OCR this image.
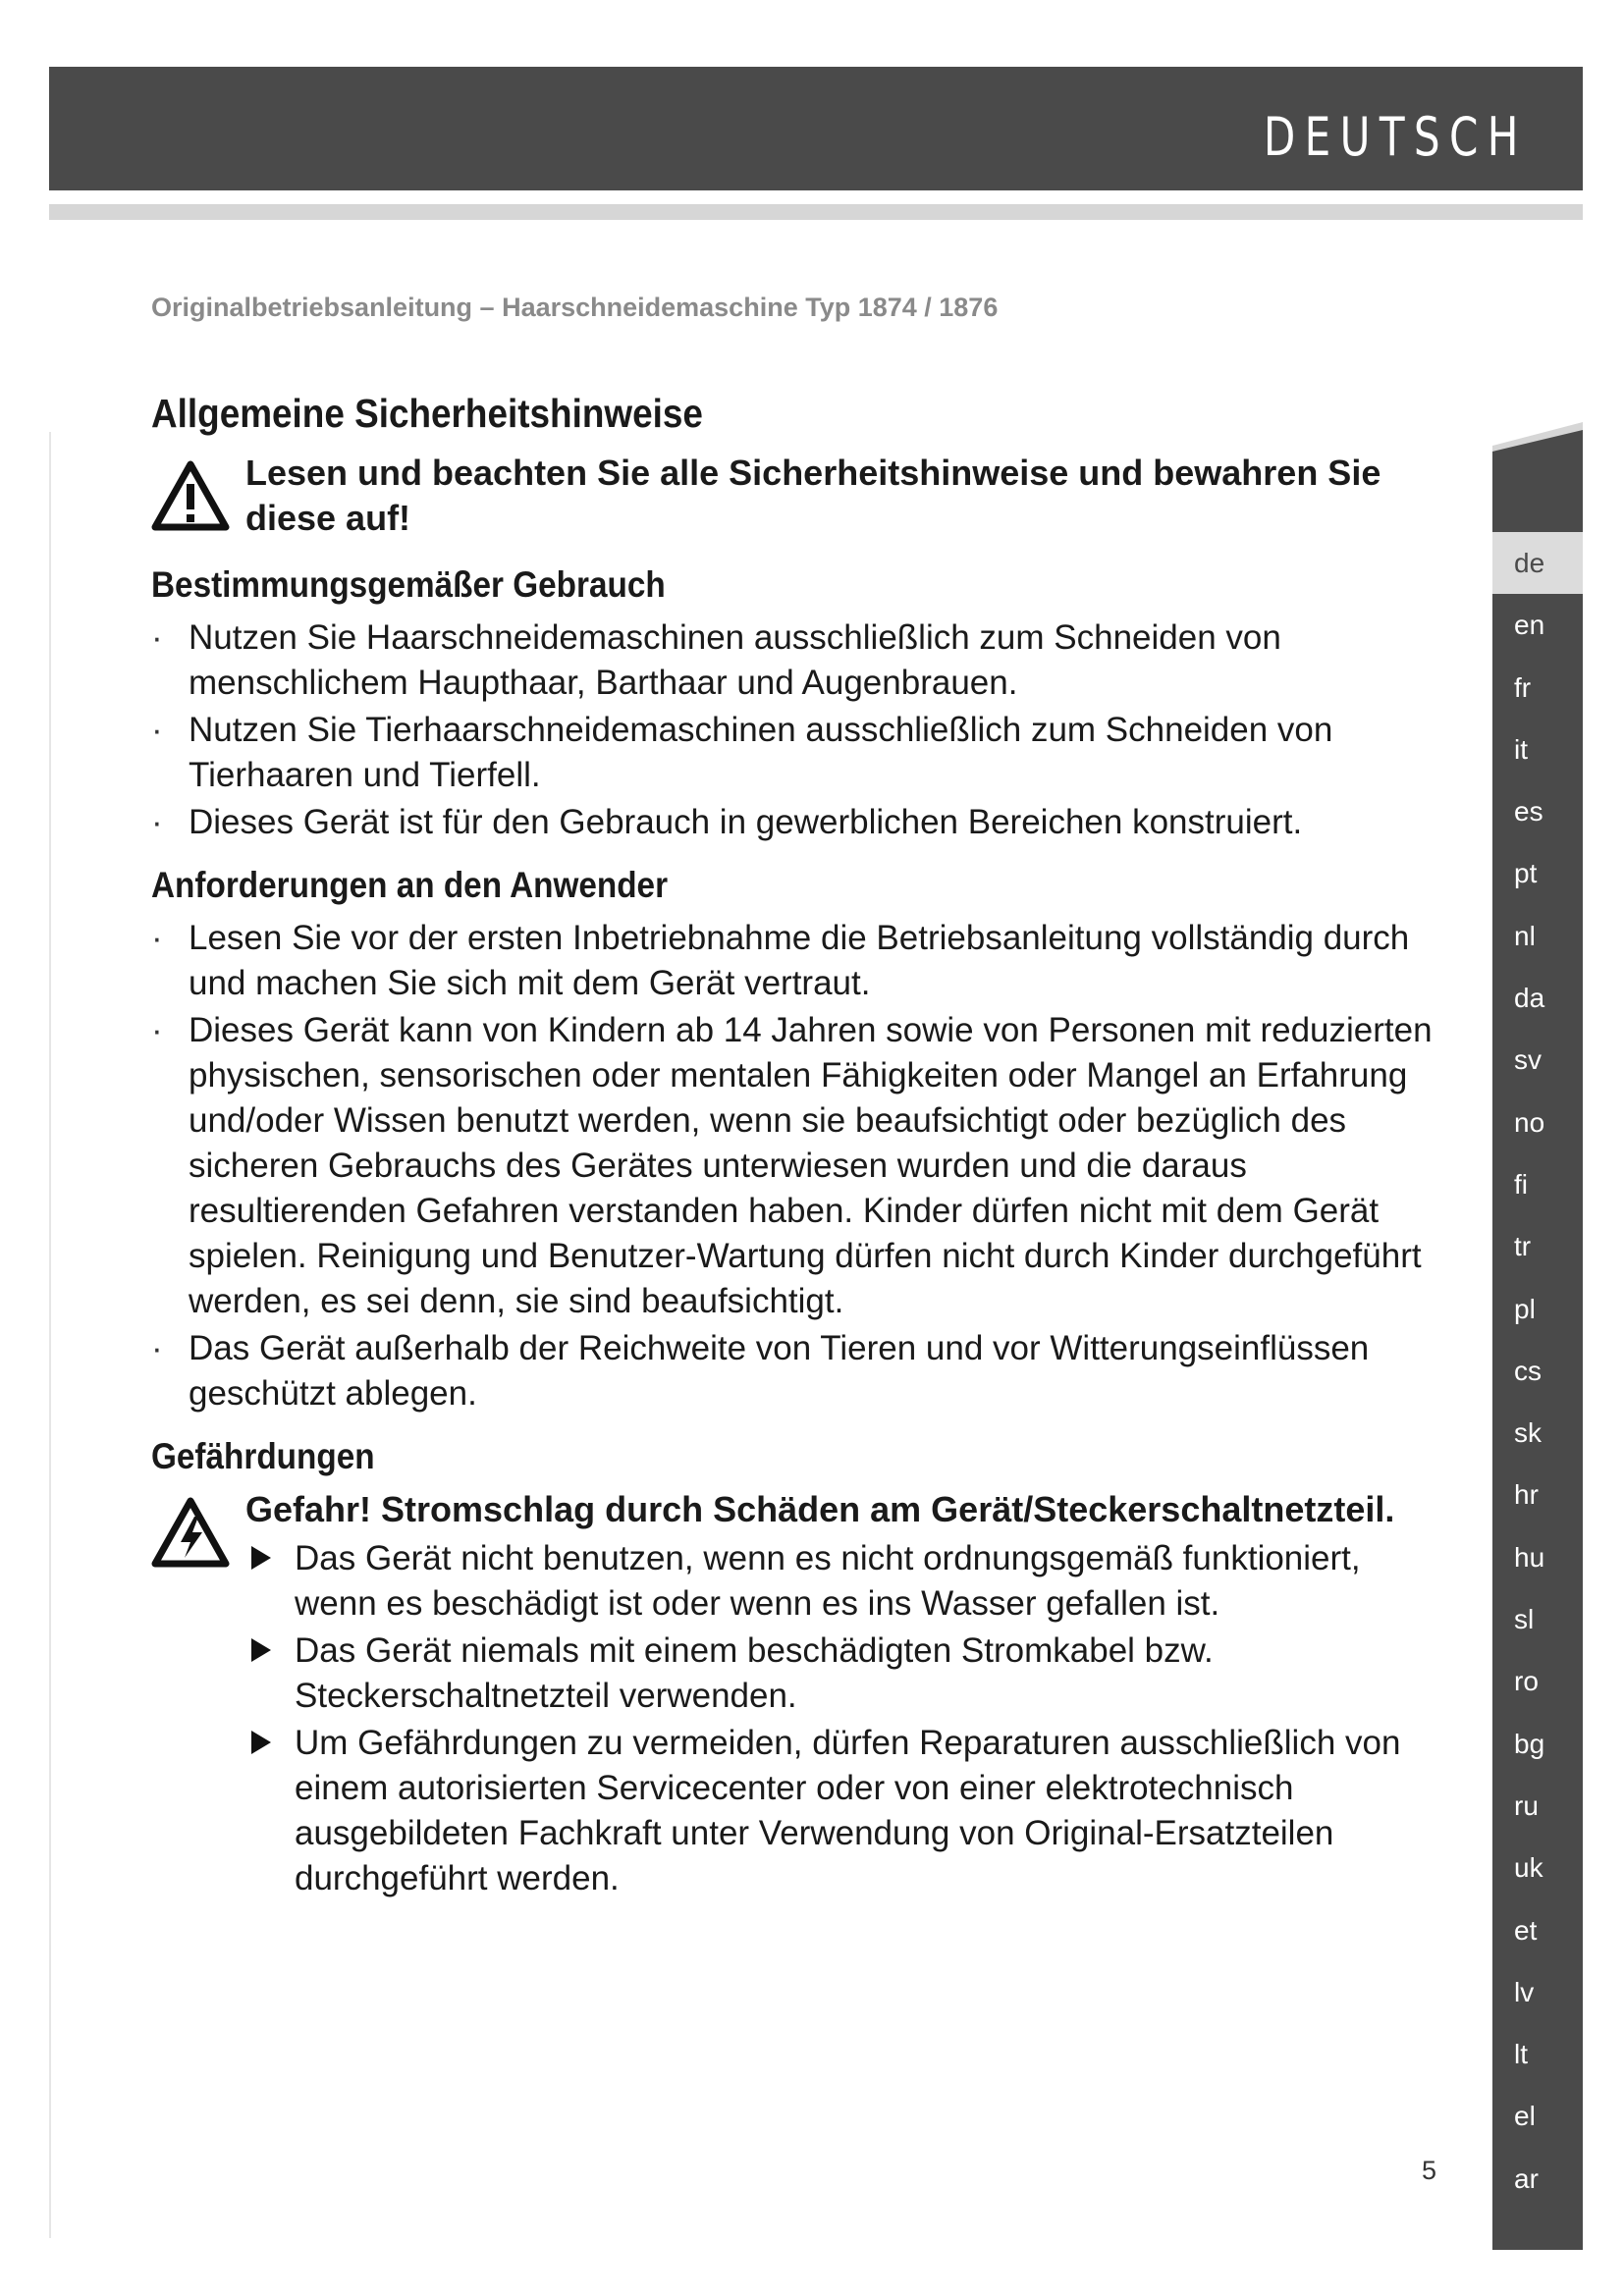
DEUTSCH

Originalbetriebsanleitung – Haarschneidemaschine Typ 1874 / 1876

Allgemeine Sicherheitshinweise

Lesen und beachten Sie alle Sicherheitshinweise und bewahren Sie diese auf!

Bestimmungsgemäßer Gebrauch
· Nutzen Sie Haarschneidemaschinen ausschließlich zum Schneiden von menschlichem Haupthaar, Barthaar und Augenbrauen.
· Nutzen Sie Tierhaarschneidemaschinen ausschließlich zum Schneiden von Tierhaaren und Tierfell.
· Dieses Gerät ist für den Gebrauch in gewerblichen Bereichen konstruiert.
Anforderungen an den Anwender
· Lesen Sie vor der ersten Inbetriebnahme die Betriebsanleitung vollständig durch und machen Sie sich mit dem Gerät vertraut.
· Dieses Gerät kann von Kindern ab 14 Jahren sowie von Personen mit reduzierten physischen, sensorischen oder mentalen Fähigkeiten oder Mangel an Erfahrung und/oder Wissen benutzt werden, wenn sie beaufsichtigt oder bezüglich des sicheren Gebrauchs des Gerätes unterwiesen wurden und die daraus resultierenden Gefahren verstanden haben. Kinder dürfen nicht mit dem Gerät spielen. Reinigung und Benutzer-Wartung dürfen nicht durch Kinder durchgeführt werden, es sei denn, sie sind beaufsichtigt.
· Das Gerät außerhalb der Reichweite von Tieren und vor Witterungseinflüssen geschützt ablegen.
Gefährdungen

Gefahr! Stromschlag durch Schäden am Gerät/Steckerschaltnetzteil.

Das Gerät nicht benutzen, wenn es nicht ordnungsgemäß funktioniert, wenn es beschädigt ist oder wenn es ins Wasser gefallen ist.
Das Gerät niemals mit einem beschädigten Stromkabel bzw. Steckerschaltnetzteil verwenden.
Um Gefährdungen zu vermeiden, dürfen Reparaturen ausschließlich von einem autorisierten Servicecenter oder von einer elektrotechnisch ausgebildeten Fachkraft unter Verwendung von Original-Ersatzteilen durchgeführt werden.
de
en
fr
it
es
pt
nl
da
sv
no
fi
tr
pl
cs
sk
hr
hu
sl
ro
bg
ru
uk
et
lv
lt
el
ar
5
